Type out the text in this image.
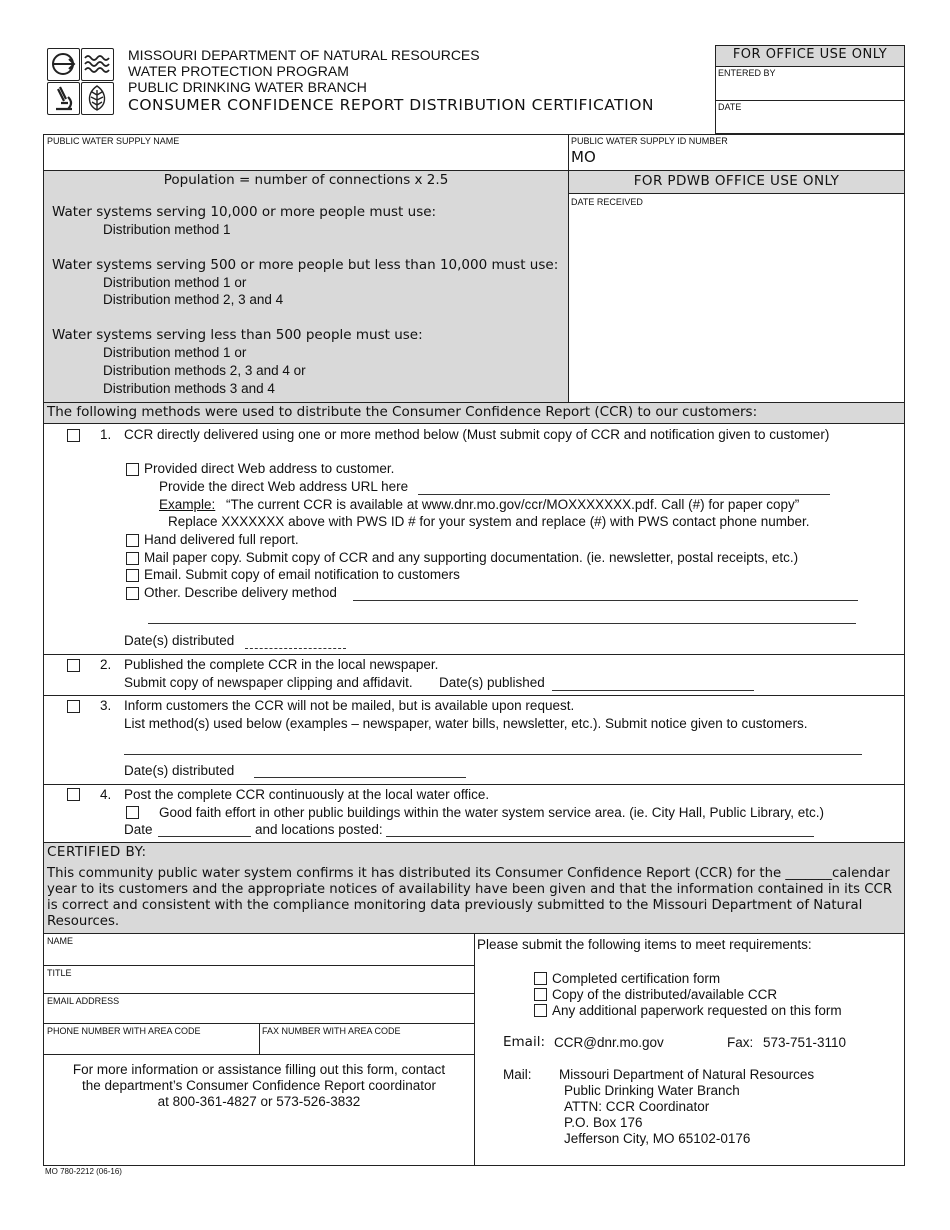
MISSOURI DEPARTMENT OF NATURAL RESOURCES
WATER PROTECTION PROGRAM
PUBLIC DRINKING WATER BRANCH
CONSUMER CONFIDENCE REPORT DISTRIBUTION CERTIFICATION
FOR OFFICE USE ONLY
ENTERED BY
DATE
PUBLIC WATER SUPPLY NAME	PUBLIC WATER SUPPLY ID NUMBER
MO
Population = number of connections x 2.5
Water systems serving 10,000 or more people must use:
Distribution method 1
Water systems serving 500 or more people but less than 10,000 must use:
Distribution method 1 or
Distribution method 2, 3 and 4
Water systems serving less than 500 people must use:
Distribution method 1 or
Distribution methods 2, 3 and 4 or
Distribution methods 3 and 4
FOR PDWB OFFICE USE ONLY
DATE RECEIVED
The following methods were used to distribute the Consumer Confidence Report (CCR) to our customers:
1. CCR directly delivered using one or more method below (Must submit copy of CCR and notification given to customer)
Provided direct Web address to customer.
Provide the direct Web address URL here
Example: “The current CCR is available at www.dnr.mo.gov/ccr/MOXXXXXXX.pdf. Call (#) for paper copy”
Replace XXXXXXX above with PWS ID # for your system and replace (#) with PWS contact phone number.
Hand delivered full report.
Mail paper copy. Submit copy of CCR and any supporting documentation. (ie. newsletter, postal receipts, etc.)
Email. Submit copy of email notification to customers
Other. Describe delivery method
Date(s) distributed
2. Published the complete CCR in the local newspaper.
Submit copy of newspaper clipping and affidavit. Date(s) published
3. Inform customers the CCR will not be mailed, but is available upon request.
List method(s) used below (examples – newspaper, water bills, newsletter, etc.). Submit notice given to customers.
Date(s) distributed
4. Post the complete CCR continuously at the local water office.
Good faith effort in other public buildings within the water system service area. (ie. City Hall, Public Library, etc.)
Date	and locations posted:
CERTIFIED BY:
This community public water system confirms it has distributed its Consumer Confidence Report (CCR) for the _______calendar year to its customers and the appropriate notices of availability have been given and that the information contained in its CCR is correct and consistent with the compliance monitoring data previously submitted to the Missouri Department of Natural Resources.
NAME
TITLE
EMAIL ADDRESS
PHONE NUMBER WITH AREA CODE	FAX NUMBER WITH AREA CODE
For more information or assistance filling out this form, contact
the department’s Consumer Confidence Report coordinator
at 800-361-4827 or 573-526-3832
Please submit the following items to meet requirements:
Completed certification form
Copy of the distributed/available CCR
Any additional paperwork requested on this form
Email: CCR@dnr.mo.gov	Fax: 573-751-3110
Mail: Missouri Department of Natural Resources
Public Drinking Water Branch
ATTN: CCR Coordinator
P.O. Box 176
Jefferson City, MO 65102-0176
MO 780-2212 (06-16)
